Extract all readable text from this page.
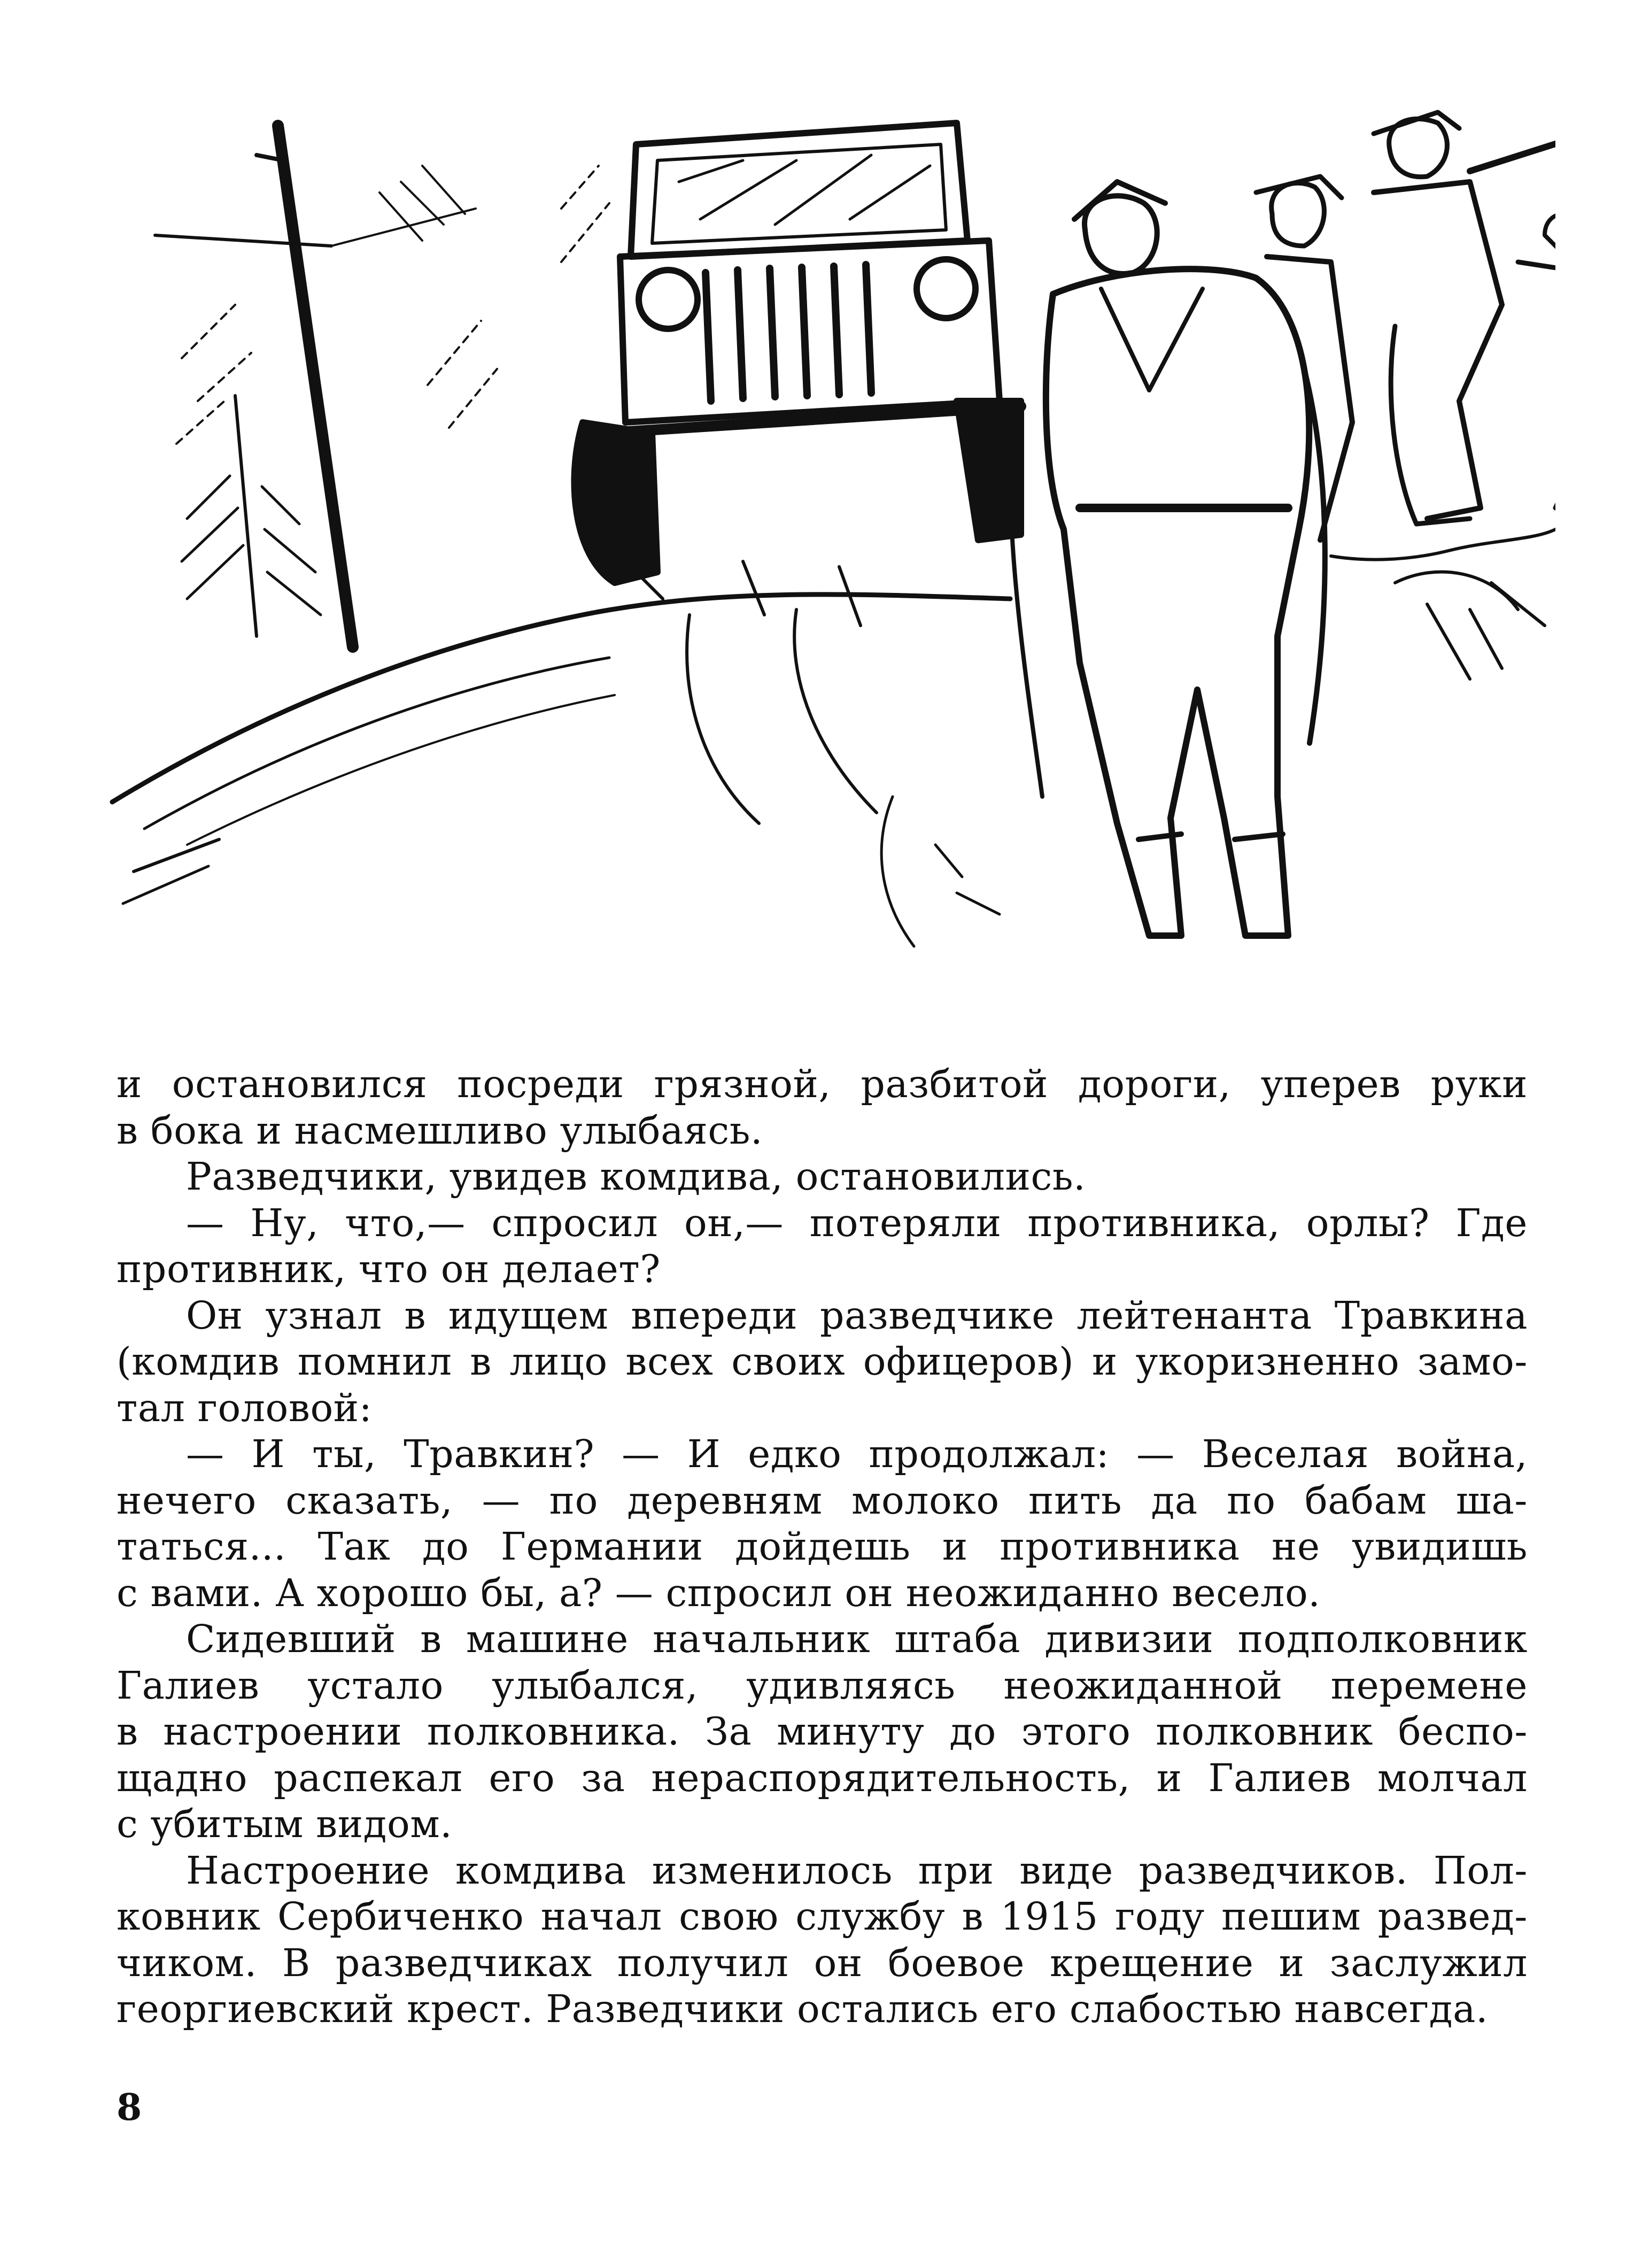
и остановился посреди грязной, разбитой дороги, уперев руки
в бока и насмешливо улыбаясь.
Разведчики, увидев комдива, остановились.
— Ну, что,— спросил он,— потеряли противника, орлы? Где
противник, что он делает?
Он узнал в идущем впереди разведчике лейтенанта Травкина
(комдив помнил в лицо всех своих офицеров) и укоризненно замо-
тал головой:
— И ты, Травкин? — И едко продолжал: — Веселая война,
нечего сказать, — по деревням молоко пить да по бабам ша-
таться... Так до Германии дойдешь и противника не увидишь
с вами. А хорошо бы, а? — спросил он неожиданно весело.
Сидевший в машине начальник штаба дивизии подполковник
Галиев устало улыбался, удивляясь неожиданной перемене
в настроении полковника. За минуту до этого полковник беспо-
щадно распекал его за нераспорядительность, и Галиев молчал
с убитым видом.
Настроение комдива изменилось при виде разведчиков. Пол-
ковник Сербиченко начал свою службу в 1915 году пешим развед-
чиком. В разведчиках получил он боевое крещение и заслужил
георгиевский крест. Разведчики остались его слабостью навсегда.
8
